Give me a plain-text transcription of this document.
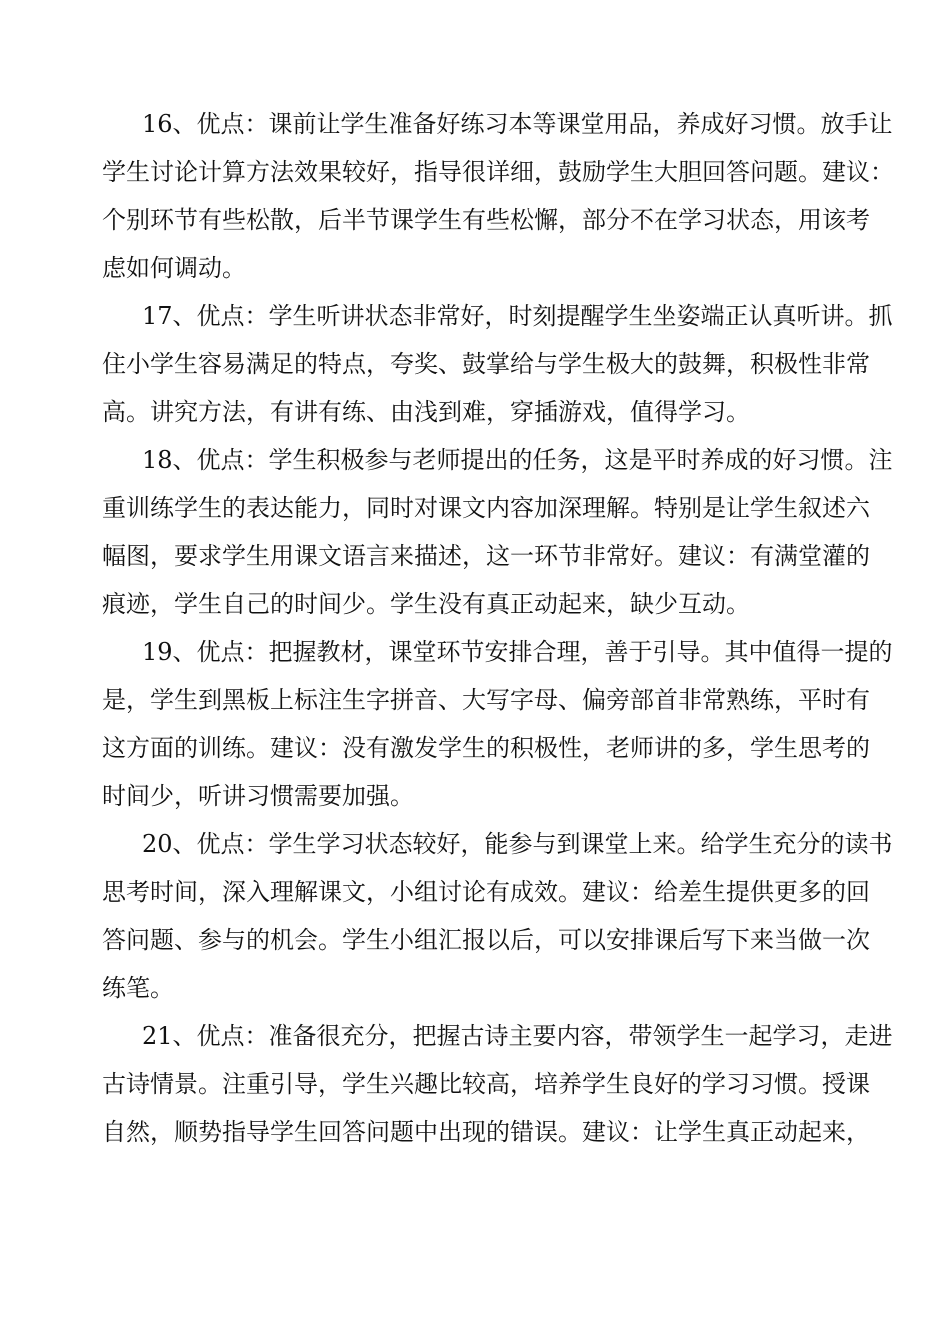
16、优点：课前让学生准备好练习本等课堂用品，养成好习惯。放手让
学生讨论计算方法效果较好，指导很详细，鼓励学生大胆回答问题。建议：
个别环节有些松散，后半节课学生有些松懈，部分不在学习状态，用该考
虑如何调动。

17、优点：学生听讲状态非常好，时刻提醒学生坐姿端正认真听讲。抓
住小学生容易满足的特点，夸奖、鼓掌给与学生极大的鼓舞，积极性非常
高。讲究方法，有讲有练、由浅到难，穿插游戏，值得学习。

18、优点：学生积极参与老师提出的任务，这是平时养成的好习惯。注
重训练学生的表达能力，同时对课文内容加深理解。特别是让学生叙述六
幅图，要求学生用课文语言来描述，这一环节非常好。建议：有满堂灌的
痕迹，学生自己的时间少。学生没有真正动起来，缺少互动。

19、优点：把握教材，课堂环节安排合理，善于引导。其中值得一提的
是，学生到黑板上标注生字拼音、大写字母、偏旁部首非常熟练，平时有
这方面的训练。建议：没有激发学生的积极性，老师讲的多，学生思考的
时间少，听讲习惯需要加强。

20、优点：学生学习状态较好，能参与到课堂上来。给学生充分的读书
思考时间，深入理解课文，小组讨论有成效。建议：给差生提供更多的回
答问题、参与的机会。学生小组汇报以后，可以安排课后写下来当做一次
练笔。

21、优点：准备很充分，把握古诗主要内容，带领学生一起学习，走进
古诗情景。注重引导，学生兴趣比较高，培养学生良好的学习习惯。授课
自然，顺势指导学生回答问题中出现的错误。建议：让学生真正动起来，
